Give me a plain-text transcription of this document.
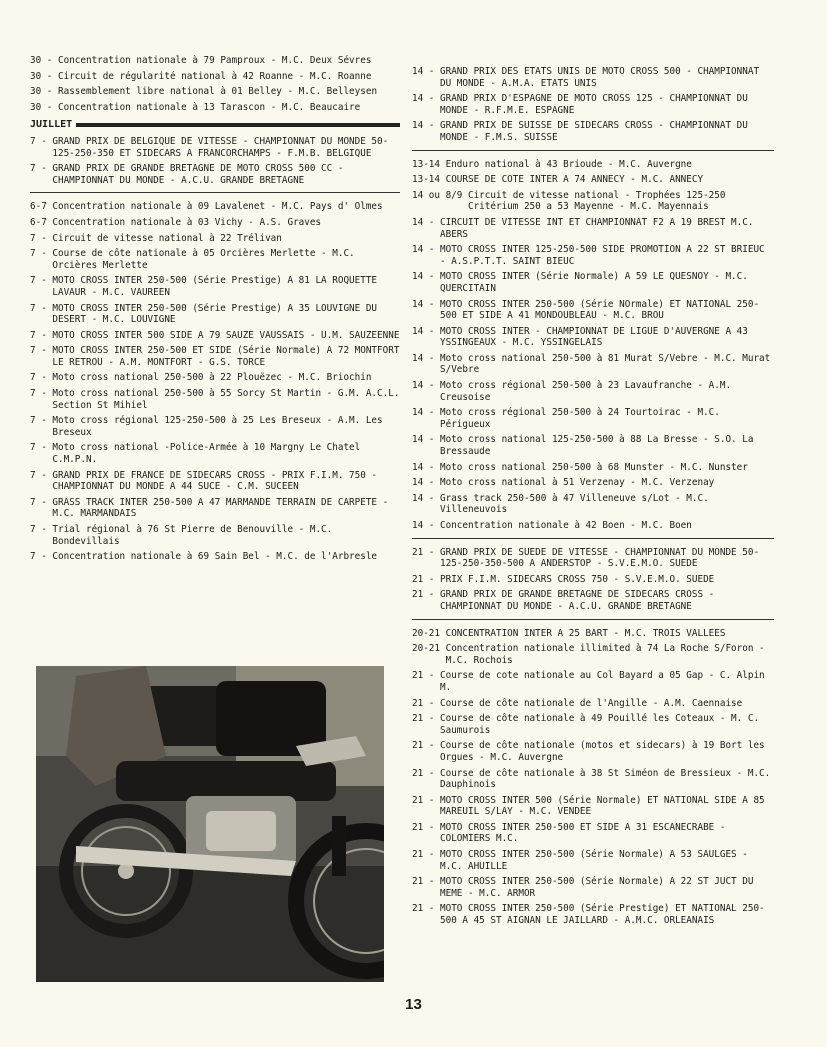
30 - Concentration nationale à 79 Pamproux - M.C. Deux Sévres
30 - Circuit de régularité national à 42 Roanne - M.C. Roanne
30 - Rassemblement libre national à 01 Belley - M.C. Belleysen
30 - Concentration nationale à 13 Tarascon - M.C. Beaucaire
JUILLET
7 - GRAND PRIX DE BELGIQUE DE VITESSE - CHAMPIONNAT DU MONDE 50-125-250-350 ET SIDECARS A FRANCORCHAMPS - F.M.B. BELGIQUE
7 - GRAND PRIX DE GRANDE BRETAGNE DE MOTO CROSS 500 CC - CHAMPIONNAT DU MONDE - A.C.U. GRANDE BRETAGNE
6-7 Concentration nationale à 09 Lavalenet - M.C. Pays d' Olmes
6-7 Concentration nationale à 03 Vichy - A.S. Graves
7 - Circuit de vitesse national à 22 Trélivan
7 - Course de côte nationale à 05 Orcières Merlette - M.C. Orcières Merlette
7 - MOTO CROSS INTER 250-500 (Série Prestige) A 81 LA ROQUETTE LAVAUR - M.C. VAUREEN
7 - MOTO CROSS INTER 250-500 (Série Prestige) A 35 LOUVIGNE DU DESERT - M.C. LOUVIGNE
7 - MOTO CROSS INTER 500 SIDE A 79 SAUZE VAUSSAIS - U.M. SAUZEENNE
7 - MOTO CROSS INTER 250-500 ET SIDE (Série Normale) A 72 MONTFORT LE RETROU - A.M. MONTFORT - G.S. TORCE
7 - Moto cross national 250-500 à 22 Plouëzec - M.C. Briochin
7 - Moto cross national 250-500 à 55 Sorcy St Martin - G.M. A.C.L. Section St Mihiel
7 - Moto cross régional 125-250-500 à 25 Les Breseux - A.M. Les Breseux
7 - Moto cross national -Police-Armée à 10 Margny Le Chatel C.M.P.N.
7 - GRAND PRIX DE FRANCE DE SIDECARS CROSS - PRIX F.I.M. 750 - CHAMPIONNAT DU MONDE A 44 SUCE - C.M. SUCEEN
7 - GRASS TRACK INTER 250-500 A 47 MARMANDE TERRAIN DE CARPETE - M.C. MARMANDAIS
7 - Trial régional à 76 St Pierre de Benouville - M.C. Bondevillais
7 - Concentration nationale à 69 Sain Bel - M.C. de l'Arbresle
14 - GRAND PRIX DES ETATS UNIS DE MOTO CROSS 500 - CHAMPIONNAT DU MONDE - A.M.A. ETATS UNIS
14 - GRAND PRIX D'ESPAGNE DE MOTO CROSS 125 - CHAMPIONNAT DU MONDE - R.F.M.E. ESPAGNE
14 - GRAND PRIX DE SUISSE DE SIDECARS CROSS - CHAMPIONNAT DU MONDE - F.M.S. SUISSE
13-14 Enduro national à 43 Brioude - M.C. Auvergne
13-14 COURSE DE COTE INTER A 74 ANNECY - M.C. ANNECY
14 ou 8/9 Circuit de vitesse national - Trophées 125-250 Critérium 250 a 53 Mayenne - M.C. Mayennais
14 - CIRCUIT DE VITESSE INT ET CHAMPIONNAT F2 A 19 BREST M.C. ABERS
14 - MOTO CROSS INTER 125-250-500 SIDE PROMOTION A 22 ST BRIEUC - A.S.P.T.T. SAINT BIEUC
14 - MOTO CROSS INTER (Série Normale) A 59 LE QUESNOY - M.C. QUERCITAIN
14 - MOTO CROSS INTER 250-500 (Série NOrmale) ET NATIONAL 250-500 ET SIDE A 41 MONDOUBLEAU - M.C. BROU
14 - MOTO CROSS INTER - CHAMPIONNAT DE LIGUE D'AUVERGNE A 43 YSSINGEAUX - M.C. YSSINGELAIS
14 - Moto cross national 250-500 à 81 Murat S/Vebre - M.C. Murat S/Vebre
14 - Moto cross régional 250-500 à 23 Lavaufranche - A.M. Creusoise
14 - Moto cross régional 250-500 à 24 Tourtoirac - M.C. Périgueux
14 - Moto cross national 125-250-500 à 88 La Bresse - S.O. La Bressaude
14 - Moto cross national 250-500 à 68 Munster - M.C. Nunster
14 - Moto cross national à 51 Verzenay - M.C. Verzenay
14 - Grass track 250-500 à 47 Villeneuve s/Lot - M.C. Villeneuvois
14 - Concentration nationale à 42 Boen - M.C. Boen
21 - GRAND PRIX DE SUEDE DE VITESSE - CHAMPIONNAT DU MONDE 50-125-250-350-500 A ANDERSTOP - S.V.E.M.O. SUEDE
21 - PRIX F.I.M. SIDECARS CROSS 750 - S.V.E.M.O. SUEDE
21 - GRAND PRIX DE GRANDE BRETAGNE DE SIDECARS CROSS - CHAMPIONNAT DU MONDE - A.C.U. GRANDE BRETAGNE
20-21 CONCENTRATION INTER A 25 BART - M.C. TROIS VALLEES
20-21 Concentration nationale illimited à 74 La Roche S/Foron - M.C. Rochois
21 - Course de cote nationale au Col Bayard a 05 Gap - C. Alpin M.
21 - Course de côte nationale de l'Angille - A.M. Caennaise
21 - Course de côte nationale à 49 Pouillé les Coteaux - M. C. Saumurois
21 - Course de côte nationale (motos et sidecars) à 19 Bort les Orgues - M.C. Auvergne
21 - Course de côte nationale à 38 St Siméon de Bressieux - M.C. Dauphinois
21 - MOTO CROSS INTER 500 (Série Normale) ET NATIONAL SIDE A 85 MAREUIL S/LAY - M.C. VENDEE
21 - MOTO CROSS INTER 250-500 ET SIDE A 31 ESCANECRABE - COLOMIERS M.C.
21 - MOTO CROSS INTER 250-500 (Série Normale) A 53 SAULGES - M.C. AHUILLE
21 - MOTO CROSS INTER 250-500 (Série Normale) A 22 ST JUCT DU MEME - M.C. ARMOR
21 - MOTO CROSS INTER 250-500 (Série Prestige) ET NATIONAL 250-500 A 45 ST AIGNAN LE JAILLARD - A.M.C. ORLEANAIS
13
